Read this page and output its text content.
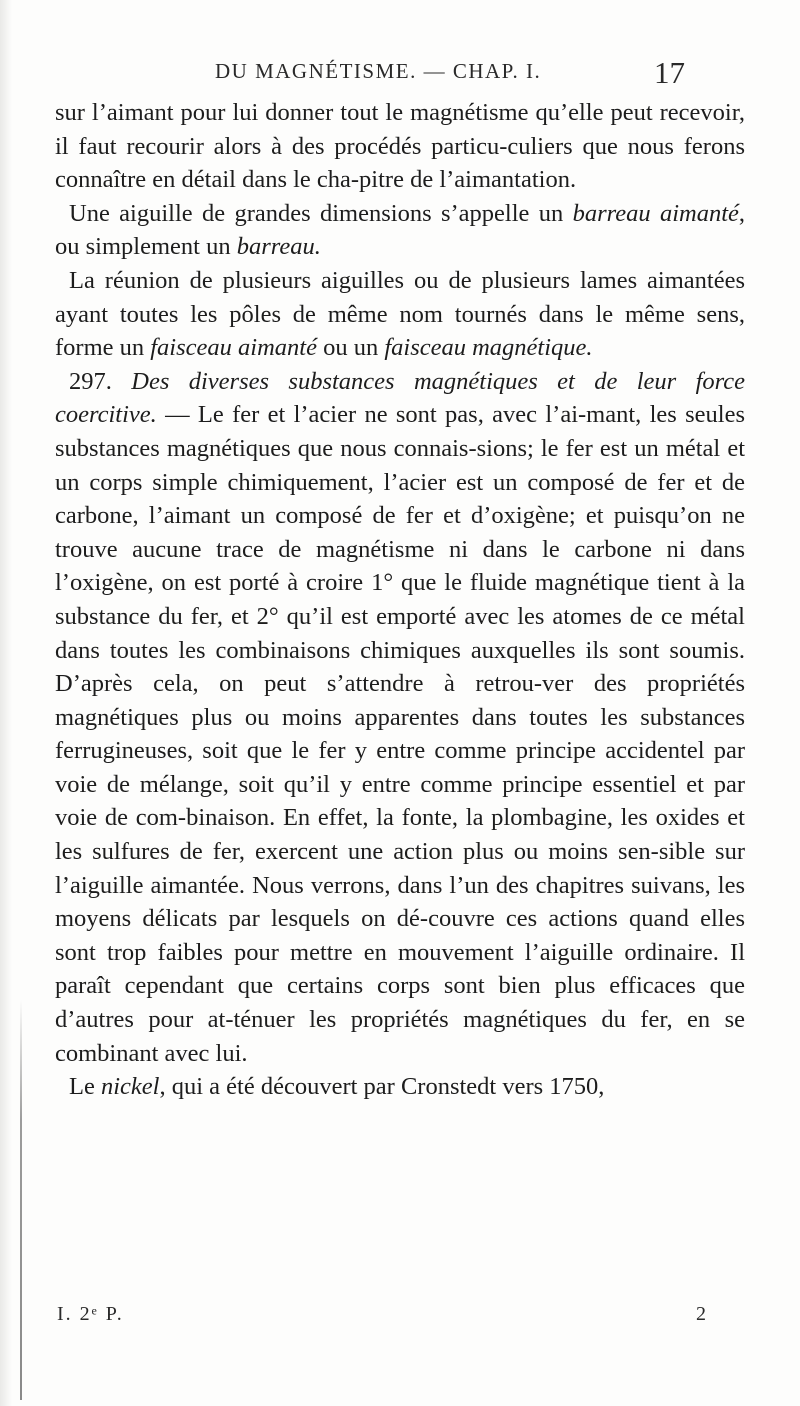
DU MAGNÉTISME. — CHAP. I.	17

sur l’aimant pour lui donner tout le magnétisme qu’elle peut recevoir, il faut recourir alors à des procédés particu-culiers que nous ferons connaître en détail dans le cha-pitre de l’aimantation.

Une aiguille de grandes dimensions s’appelle un barreau aimanté, ou simplement un barreau.

La réunion de plusieurs aiguilles ou de plusieurs lames aimantées ayant toutes les pôles de même nom tournés dans le même sens, forme un faisceau aimanté ou un faisceau magnétique.

297. Des diverses substances magnétiques et de leur force coercitive. — Le fer et l’acier ne sont pas, avec l’ai-mant, les seules substances magnétiques que nous connais-sions; le fer est un métal et un corps simple chimiquement, l’acier est un composé de fer et de carbone, l’aimant un composé de fer et d’oxigène; et puisqu’on ne trouve aucune trace de magnétisme ni dans le carbone ni dans l’oxigène, on est porté à croire 1° que le fluide magnétique tient à la substance du fer, et 2° qu’il est emporté avec les atomes de ce métal dans toutes les combinaisons chimiques auxquelles ils sont soumis. D’après cela, on peut s’attendre à retrou-ver des propriétés magnétiques plus ou moins apparentes dans toutes les substances ferrugineuses, soit que le fer y entre comme principe accidentel par voie de mélange, soit qu’il y entre comme principe essentiel et par voie de com-binaison. En effet, la fonte, la plombagine, les oxides et les sulfures de fer, exercent une action plus ou moins sen-sible sur l’aiguille aimantée. Nous verrons, dans l’un des chapitres suivans, les moyens délicats par lesquels on dé-couvre ces actions quand elles sont trop faibles pour mettre en mouvement l’aiguille ordinaire. Il paraît cependant que certains corps sont bien plus efficaces que d’autres pour at-ténuer les propriétés magnétiques du fer, en se combinant avec lui.

Le nickel, qui a été découvert par Cronstedt vers 1750,

I. 2ᵉ P.	2
